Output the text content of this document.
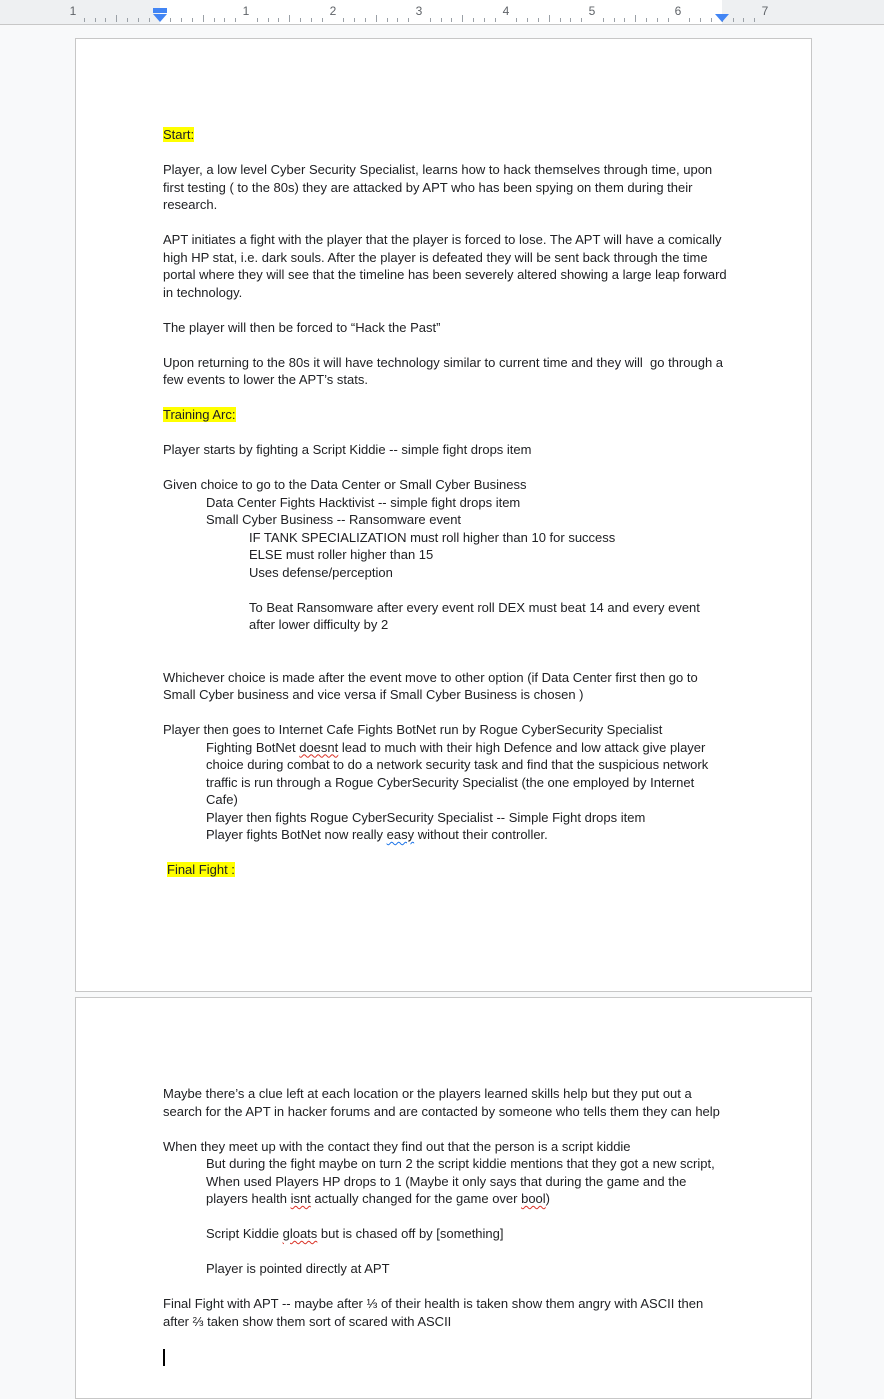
1	1	2	3	4	5	6	7

Start:

Player, a low level Cyber Security Specialist, learns how to hack themselves through time, upon first testing ( to the 80s) they are attacked by APT who has been spying on them during their research.

APT initiates a fight with the player that the player is forced to lose. The APT will have a comically high HP stat, i.e. dark souls. After the player is defeated they will be sent back through the time portal where they will see that the timeline has been severely altered showing a large leap forward in technology.

The player will then be forced to “Hack the Past”

Upon returning to the 80s it will have technology similar to current time and they will  go through a few events to lower the APT’s stats.

Training Arc:

Player starts by fighting a Script Kiddie -- simple fight drops item

Given choice to go to the Data Center or Small Cyber Business

Data Center Fights Hacktivist -- simple fight drops item

Small Cyber Business -- Ransomware event

IF TANK SPECIALIZATION must roll higher than 10 for success

ELSE must roller higher than 15

Uses defense/perception

To Beat Ransomware after every event roll DEX must beat 14 and every event after lower difficulty by 2

Whichever choice is made after the event move to other option (if Data Center first then go to Small Cyber business and vice versa if Small Cyber Business is chosen )

Player then goes to Internet Cafe Fights BotNet run by Rogue CyberSecurity Specialist

Fighting BotNet doesnt lead to much with their high Defence and low attack give player choice during combat to do a network security task and find that the suspicious network traffic is run through a Rogue CyberSecurity Specialist (the one employed by Internet Cafe)

Player then fights Rogue CyberSecurity Specialist -- Simple Fight drops item

Player fights BotNet now really easy without their controller.

Final Fight :

Maybe there’s a clue left at each location or the players learned skills help but they put out a search for the APT in hacker forums and are contacted by someone who tells them they can help

When they meet up with the contact they find out that the person is a script kiddie

But during the fight maybe on turn 2 the script kiddie mentions that they got a new script,

When used Players HP drops to 1 (Maybe it only says that during the game and the players health isnt actually changed for the game over bool)

Script Kiddie gloats but is chased off by [something]

Player is pointed directly at APT

Final Fight with APT -- maybe after ⅓ of their health is taken show them angry with ASCII then after ⅔ taken show them sort of scared with ASCII
